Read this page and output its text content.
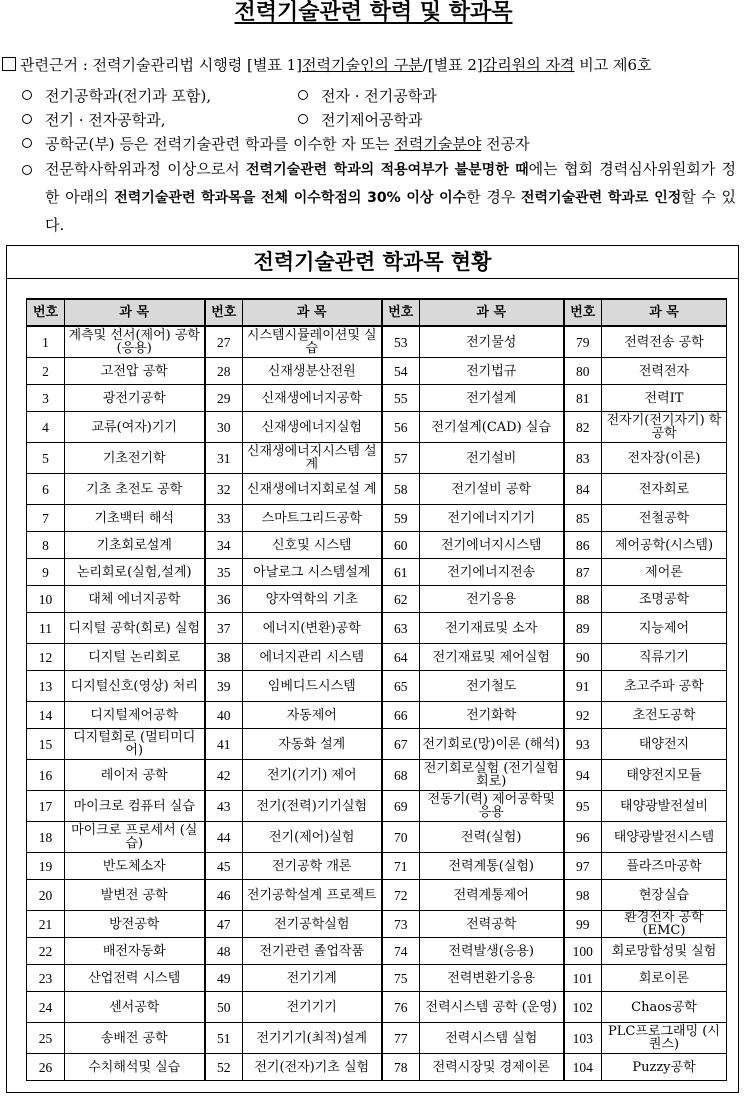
전력기술관련 학력 및 학과목
관련근거 : 전력기술관리법 시행령 [별표 1]전력기술인의 구분/[별표 2]감리원의 자격 비고 제6호
전기공학과(전기과 포함),	전자 · 전기공학과
전기 · 전자공학과,	전기제어공학과
공학군(부) 등은 전력기술관련 학과를 이수한 자 또는 전력기술분야 전공자
전문학사학위과정 이상으로서 전력기술관련 학과의 적용여부가 불분명한 때에는 협회 경력심사위원회가 정한 아래의 전력기술관련 학과목을 전체 이수학점의 30% 이상 이수한 경우 전력기술관련 학과로 인정할 수 있다.
전력기술관련 학과목 현황
번호	과 목	번호	과 목	번호	과 목	번호	과 목
1	계측및 선서(제어) 공학(응용)	27	시스템시뮬레이션및 실습	53	전기물성	79	전력전송 공학
2	고전압 공학	28	신재생분산전원	54	전기법규	80	전력전자
3	광전기공학	29	신재생에너지공학	55	전기설계	81	전력IT
4	교류(여자)기기	30	신재생에너지실험	56	전기설계(CAD) 실습	82	전자기(전기자기) 학 공학
5	기초전기학	31	신재생에너지시스템 설계	57	전기설비	83	전자장(이론)
6	기초 초전도 공학	32	신재생에너지회로설 계	58	전기설비 공학	84	전자회로
7	기초백터 해석	33	스마트그리드공학	59	전기에너지기기	85	전철공학
8	기초회로설계	34	신호및 시스템	60	전기에너지시스템	86	제어공학(시스템)
9	논리회로(실험,설계)	35	아날로그 시스템설계	61	전기에너지전송	87	제어론
10	대체 에너지공학	36	양자역학의 기초	62	전기응용	88	조명공학
11	디지털 공학(회로) 실험	37	에너지(변환)공학	63	전기재료및 소자	89	지능제어
12	디지털 논리회로	38	에너지관리 시스템	64	전기재료및 제어실험	90	직류기기
13	디지털신호(영상) 처리	39	임베디드시스템	65	전기철도	91	초고주파 공학
14	디지털제어공학	40	자동제어	66	전기화학	92	초전도공학
15	디지털회로 (멀티미디어)	41	자동화 설계	67	전기회로(망)이론 (해석)	93	태양전지
16	레이저 공학	42	전기(기기) 제어	68	전기회로실험 (전기실험회로)	94	태양전지모듈
17	마이크로 컴퓨터 실습	43	전기(전력)기기실험	69	전동기(력) 제어공학및 응용	95	태양광발전설비
18	마이크로 프로세서 (실습)	44	전기(제어)실험	70	전력(실험)	96	태양광발전시스템
19	반도체소자	45	전기공학 개론	71	전력계통(실험)	97	플라즈마공학
20	발변전 공학	46	전기공학설계 프로젝트	72	전력계통제어	98	현장실습
21	방전공학	47	전기공학실험	73	전력공학	99	환경전자 공학(EMC)
22	배전자동화	48	전기관련 졸업작품	74	전력발생(응용)	100	회로망합성및 실험
23	산업전력 시스템	49	전기기계	75	전력변환기응용	101	회로이론
24	센서공학	50	전기기기	76	전력시스템 공학 (운영)	102	Chaos공학
25	송배전 공학	51	전기기기(최적)설계	77	전력시스템 실험	103	PLC프로그래밍 (시퀀스)
26	수치해석및 실습	52	전기(전자)기초 실험	78	전력시장및 경제이론	104	Puzzy공학
